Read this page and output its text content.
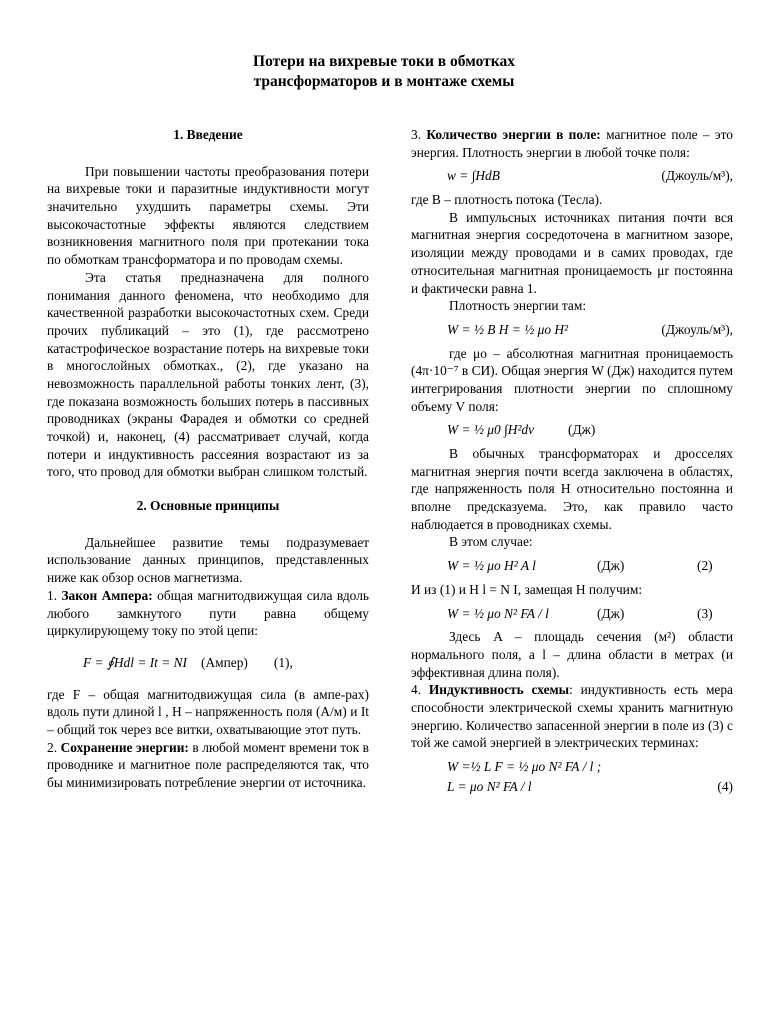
Потери на вихревые токи в обмотках
трансформаторов и в монтаже схемы
1. Введение

При повышении частоты преобразования потери на вихревые токи и паразитные индуктивности могут значительно ухудшить параметры схемы. Эти высокочастотные эффекты являются следствием возникновения магнитного поля при протекании тока по обмоткам трансформатора и по проводам схемы.

Эта статья предназначена для полного понимания данного феномена, что необходимо для качественной разработки высокочастотных схем. Среди прочих публикаций – это (1), где рассмотрено катастрофическое возрастание потерь на вихревые токи в многослойных обмотках., (2), где указано на невозможность параллельной работы тонких лент, (3), где показана возможность больших потерь в пассивных проводниках (экраны Фарадея и обмотки со средней точкой) и, наконец, (4) рассматривает случай, когда потери и индуктивность рассеяния возрастают из за того, что провод для обмотки выбран слишком толстый.

2. Основные принципы

Дальнейшее развитие темы подразумевает использование данных принципов, представленных ниже как обзор основ магнетизма.

1. Закон Ампера: общая магнитодвижущая сила вдоль любого замкнутого пути равна общему циркулирующему току по этой цепи:

F = ∮Hdl = It = NI (Ампер) (1),

где F – общая магнитодвижущая сила (в ампе-рах) вдоль пути длиной l , H – напряженность поля (А/м) и It – общий ток через все витки, охватывающие этот путь.

2. Сохранение энергии: в любой момент времени ток в проводнике и магнитное поле распределяются так, что бы минимизировать потребление энергии от источника.

3. Количество энергии в поле: магнитное поле – это энергия. Плотность энергии в любой точке поля:

w = ∫HdB	(Джоуль/м³),

где B – плотность потока (Тесла).

В импульсных источниках питания почти вся магнитная энергия сосредоточена в магнитном зазоре, изоляции между проводами и в самих проводах, где относительная магнитная проницаемость μr постоянна и фактически равна 1.

Плотность энергии там:

W = ½ B H = ½ μo H²	(Джоуль/м³),

где μo – абсолютная магнитная проницаемость (4π·10⁻⁷ в СИ). Общая энергия W (Дж) находится путем интегрирования плотности энергии по сплошному объему V поля:

W = ½ μ0 ∫H²dv	(Дж)

В обычных трансформаторах и дросселях магнитная энергия почти всегда заключена в областях, где напряженность поля H относительно постоянна и вполне предсказуема. Это, как правило часто наблюдается в проводниках схемы.

В этом случае:

W = ½ μo H² A l	(Дж)	(2)

И из (1) и H l = N I, замещая H получим:

W = ½ μo N² FA / l	(Дж)	(3)

Здесь A – площадь сечения (м²) области нормального поля, а l – длина области в метрах (и эффективная длина поля).

4. Индуктивность схемы: индуктивность есть мера способности электрической схемы хранить магнитную энергию. Количество запасенной энергии в поле из (3) с той же самой энергией в электрических терминах:

W =½ L F = ½ μo N² FA / l ;
L = μo N² FA / l	(4)
